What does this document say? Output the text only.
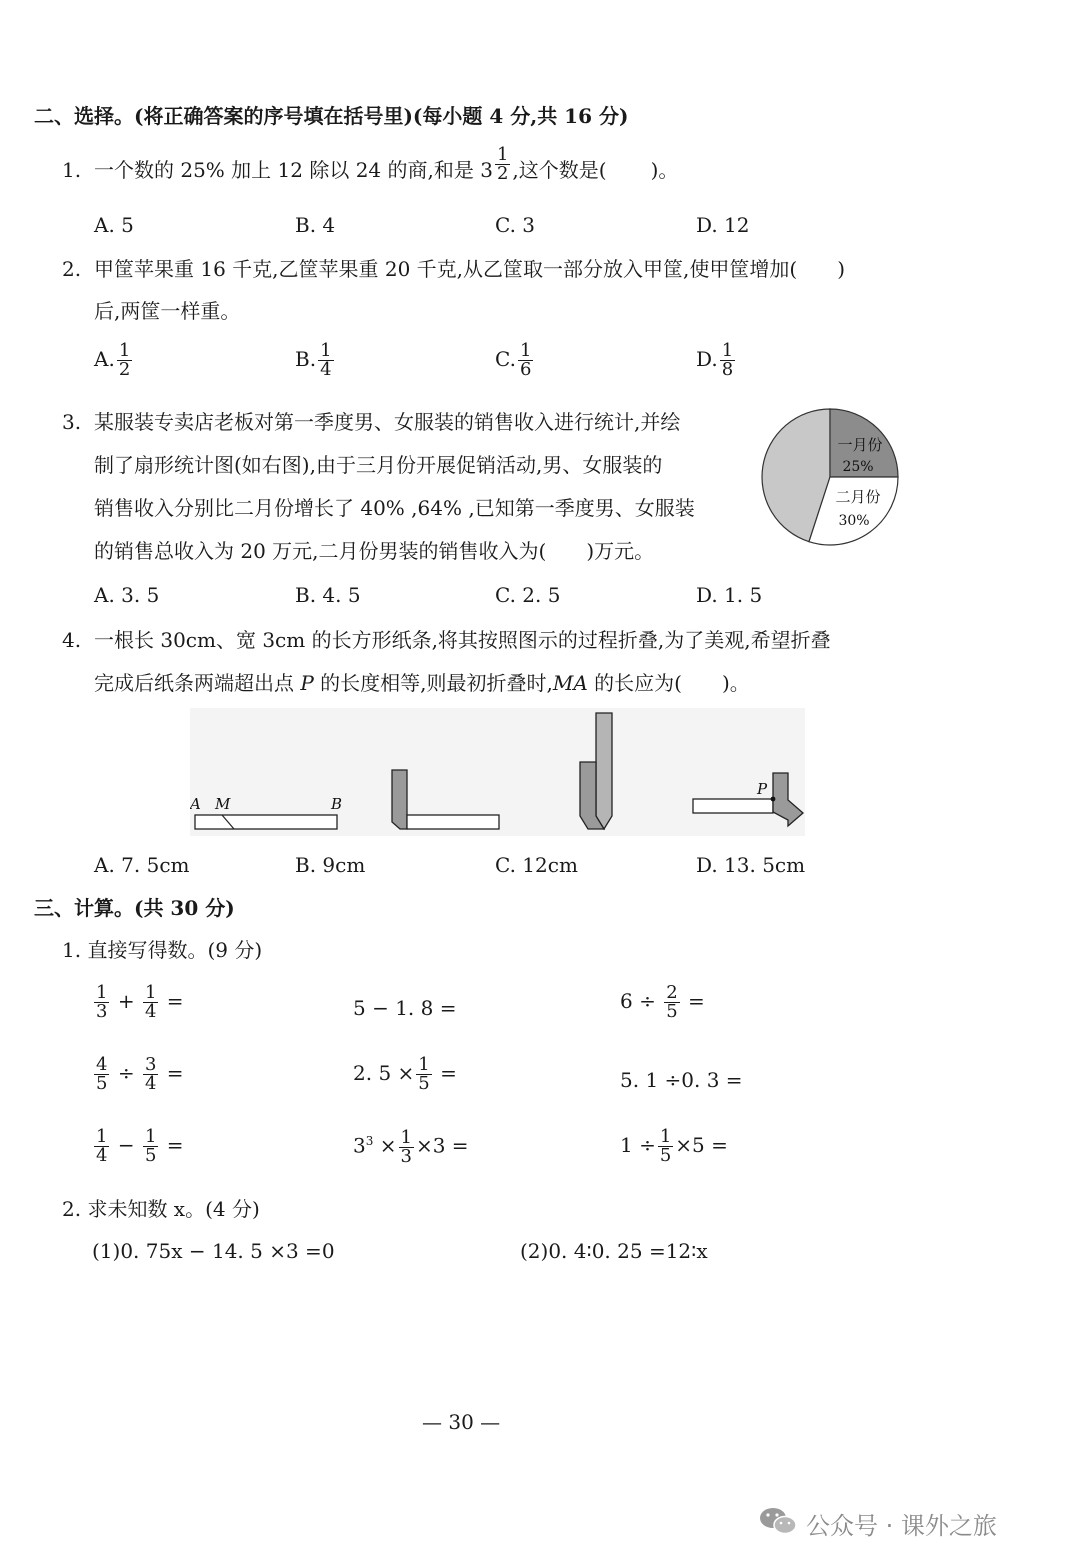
二、选择。(将正确答案的序号填在括号里)(每小题 4 分,共 16 分)
1. 一个数的 25% 加上 12 除以 24 的商,和是 $3 \frac{1}{2}$ ,这个数是( )。
A. 5	B. 4	C. 3	D. 12
2. 甲筐苹果重 16 千克,乙筐苹果重 20 千克,从乙筐取一部分放入甲筐,使甲筐增加( )
后,两筐一样重。
A. $\frac{1}{2}$	B. $\frac{1}{4}$	C. $\frac{1}{6}$	D. $\frac{1}{8}$
3. 某服装专卖店老板对第一季度男、女服装的销售收入进行统计,并绘
制了扇形统计图(如右图),由于三月份开展促销活动,男、女服装的
销售收入分别比二月份增长了 40% ,64% ,已知第一季度男、女服装
的销售总收入为 20 万元,二月份男装的销售收入为( )万元。
一月份
25%
二月份
30%
A. 3. 5	B. 4. 5	C. 2. 5	D. 1. 5
4. 一根长 30cm、宽 3cm 的长方形纸条,将其按照图示的过程折叠,为了美观,希望折叠
完成后纸条两端超出点 P 的长度相等,则最初折叠时,MA 的长应为( )。
A M	B
P
A. 7. 5cm	B. 9cm	C. 12cm	D. 13. 5cm
三、计算。(共 30 分)
1. 直接写得数。(9 分)
$\frac{1}{3} + \frac{1}{4}$ =	5 − 1. 8 =	$6 \div \frac{2}{5}$ =
$\frac{4}{5} \div \frac{3}{4}$ =	2. $5 \times \frac{1}{5}$ =	5. 1 ÷0. 3 =
$\frac{1}{4} - \frac{1}{5}$ =	$3^3 \times \frac{1}{3} \times 3$ =	$1 \div \frac{1}{5} \times 5$ =
2. 求未知数 x。(4 分)
(1)0. 75x − 14. 5 ×3 =0	(2)0. 4∶0. 25 =12∶x
— 30 —
公众号 · 课外之旅
